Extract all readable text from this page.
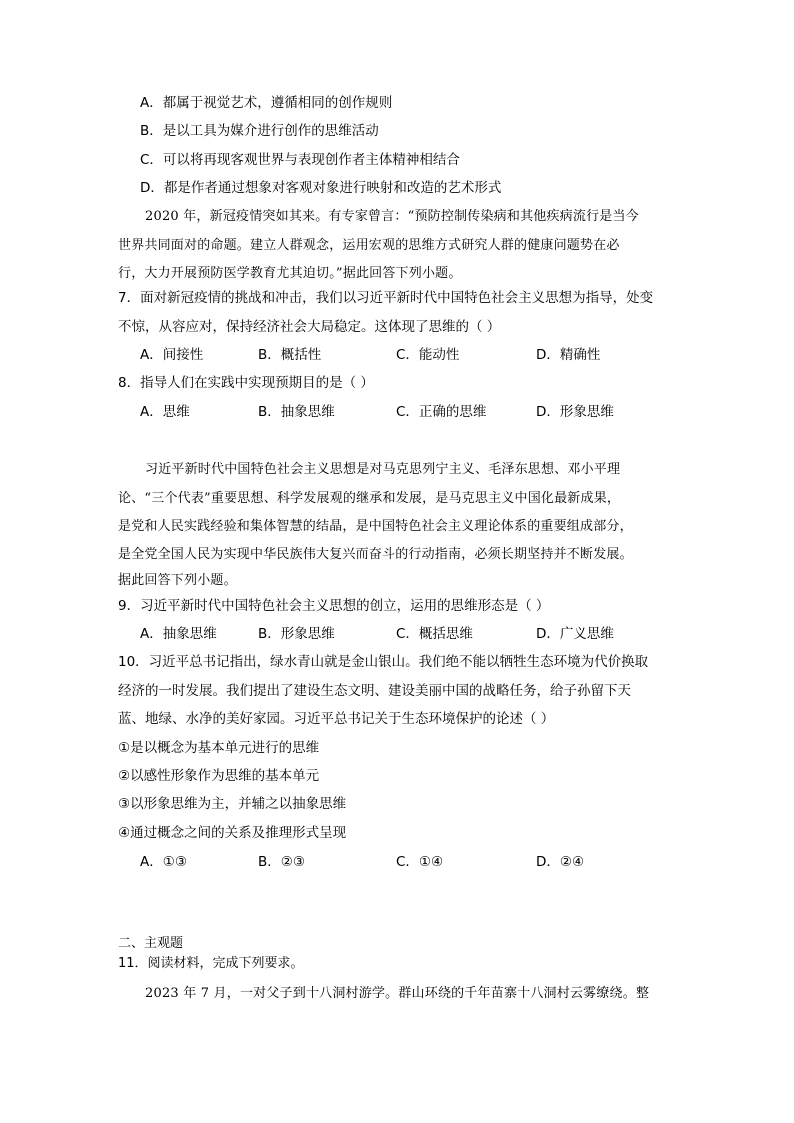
A．都属于视觉艺术，遵循相同的创作规则
B．是以工具为媒介进行创作的思维活动
C．可以将再现客观世界与表现创作者主体精神相结合
D．都是作者通过想象对客观对象进行映射和改造的艺术形式
2020 年，新冠疫情突如其来。有专家曾言：“预防控制传染病和其他疾病流行是当今
世界共同面对的命题。建立人群观念，运用宏观的思维方式研究人群的健康问题势在必
行，大力开展预防医学教育尤其迫切。”据此回答下列小题。
7．面对新冠疫情的挑战和冲击，我们以习近平新时代中国特色社会主义思想为指导，处变
不惊，从容应对，保持经济社会大局稳定。这体现了思维的（ ）
A．间接性	B．概括性	C．能动性	D．精确性
8．指导人们在实践中实现预期目的是（ ）
A．思维	B．抽象思维	C．正确的思维	D．形象思维
习近平新时代中国特色社会主义思想是对马克思列宁主义、毛泽东思想、邓小平理
论、“三个代表”重要思想、科学发展观的继承和发展，是马克思主义中国化最新成果，
是党和人民实践经验和集体智慧的结晶，是中国特色社会主义理论体系的重要组成部分，
是全党全国人民为实现中华民族伟大复兴而奋斗的行动指南，必须长期坚持并不断发展。
据此回答下列小题。
9．习近平新时代中国特色社会主义思想的创立，运用的思维形态是（ ）
A．抽象思维	B．形象思维	C．概括思维	D．广义思维
10．习近平总书记指出，绿水青山就是金山银山。我们绝不能以牺牲生态环境为代价换取
经济的一时发展。我们提出了建设生态文明、建设美丽中国的战略任务，给子孙留下天
蓝、地绿、水净的美好家园。习近平总书记关于生态环境保护的论述（ ）
①是以概念为基本单元进行的思维
②以感性形象作为思维的基本单元
③以形象思维为主，并辅之以抽象思维
④通过概念之间的关系及推理形式呈现
A．①③	B．②③	C．①④	D．②④
二、主观题
11．阅读材料，完成下列要求。
2023 年 7 月，一对父子到十八洞村游学。群山环绕的千年苗寨十八洞村云雾缭绕。整
